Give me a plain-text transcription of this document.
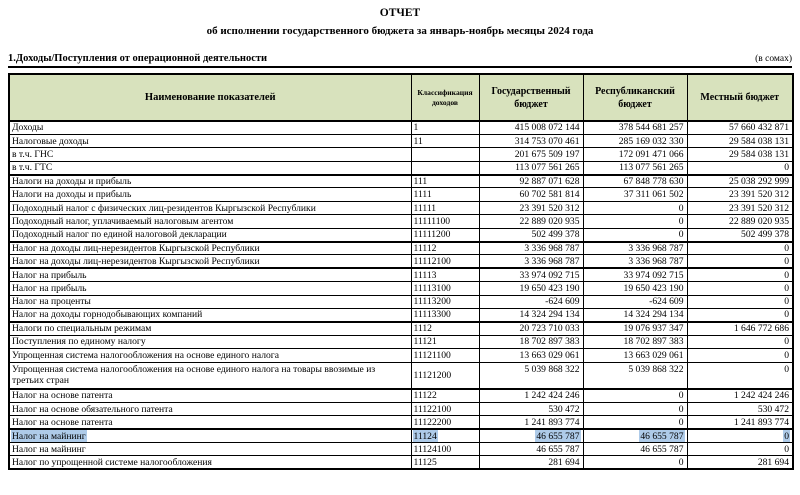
ОТЧЕТ
об исполнении государственного бюджета за январь-ноябрь месяцы 2024 года
1.Доходы/Поступления от операционной деятельности	(в сомах)
Наименование показателей	Классификация доходов	Государственный бюджет	Республиканский бюджет	Местный бюджет
Доходы	1	415 008 072 144	378 544 681 257	57 660 432 871
Налоговые доходы	11	314 753 070 461	285 169 032 330	29 584 038 131
в т.ч. ГНС		201 675 509 197	172 091 471 066	29 584 038 131
в т.ч. ГТС		113 077 561 265	113 077 561 265	0
Налоги на доходы и прибыль	111	92 887 071 628	67 848 778 630	25 038 292 999
Налоги на доходы и прибыль	1111	60 702 581 814	37 311 061 502	23 391 520 312
Подоходный налог с физических лиц-резидентов Кыргызской Республики	11111	23 391 520 312	0	23 391 520 312
Подоходный налог, уплачиваемый налоговым агентом	11111100	22 889 020 935	0	22 889 020 935
Подоходный налог по единой налоговой декларации	11111200	502 499 378	0	502 499 378
Налог на доходы лиц-нерезидентов Кыргызской Республики	11112	3 336 968 787	3 336 968 787	0
Налог на доходы лиц-нерезидентов Кыргызской Республики	11112100	3 336 968 787	3 336 968 787	0
Налог на прибыль	11113	33 974 092 715	33 974 092 715	0
Налог на прибыль	11113100	19 650 423 190	19 650 423 190	0
Налог на проценты	11113200	-624 609	-624 609	0
Налог на доходы горнодобывающих компаний	11113300	14 324 294 134	14 324 294 134	0
Налоги по специальным режимам	1112	20 723 710 033	19 076 937 347	1 646 772 686
Поступления по единому налогу	11121	18 702 897 383	18 702 897 383	0
Упрощенная система налогообложения на основе единого налога	11121100	13 663 029 061	13 663 029 061	0
Упрощенная система налогообложения на основе единого налога на товары ввозимые из третьих стран	11121200	5 039 868 322	5 039 868 322	0
Налог на основе патента	11122	1 242 424 246	0	1 242 424 246
Налог на основе обязательного патента	11122100	530 472	0	530 472
Налог на основе патента	11122200	1 241 893 774	0	1 241 893 774
Налог на майнинг	11124	46 655 787	46 655 787	0
Налог на майнинг	11124100	46 655 787	46 655 787	0
Налог по упрощенной системе налогообложения	11125	281 694	0	281 694
